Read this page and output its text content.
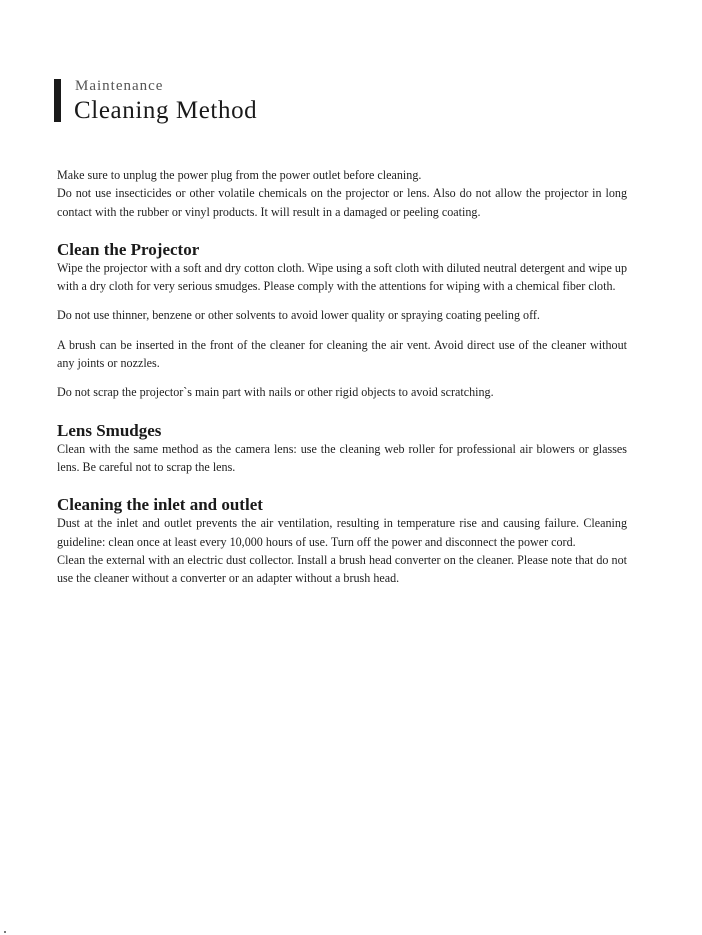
Maintenance
Cleaning Method

Make sure to unplug the power plug from the power outlet before cleaning.

Do not use insecticides or other volatile chemicals on the projector or lens. Also do not allow the projector in long contact with the rubber or vinyl products. It will result in a damaged or peeling coating.

Clean the Projector

Wipe the projector with a soft and dry cotton cloth. Wipe using a soft cloth with diluted neutral detergent and wipe up with a dry cloth for very serious smudges. Please comply with the attentions for wiping with a chemical fiber cloth.

Do not use thinner, benzene or other solvents to avoid lower quality or spraying coating peeling off.

A brush can be inserted in the front of the cleaner for cleaning the air vent. Avoid direct use of the cleaner without any joints or nozzles.

Do not scrap the projector`s main part with nails or other rigid objects to avoid scratching.

Lens Smudges

Clean with the same method as the camera lens: use the cleaning web roller for professional air blowers or glasses lens. Be careful not to scrap the lens.

Cleaning the inlet and outlet

Dust at the inlet and outlet prevents the air ventilation, resulting in temperature rise and causing failure. Cleaning guideline: clean once at least every 10,000 hours of use. Turn off the power and disconnect the power cord.

Clean the external with an electric dust collector. Install a brush head converter on the cleaner. Please note that do not use the cleaner without a converter or an adapter without a brush head.
